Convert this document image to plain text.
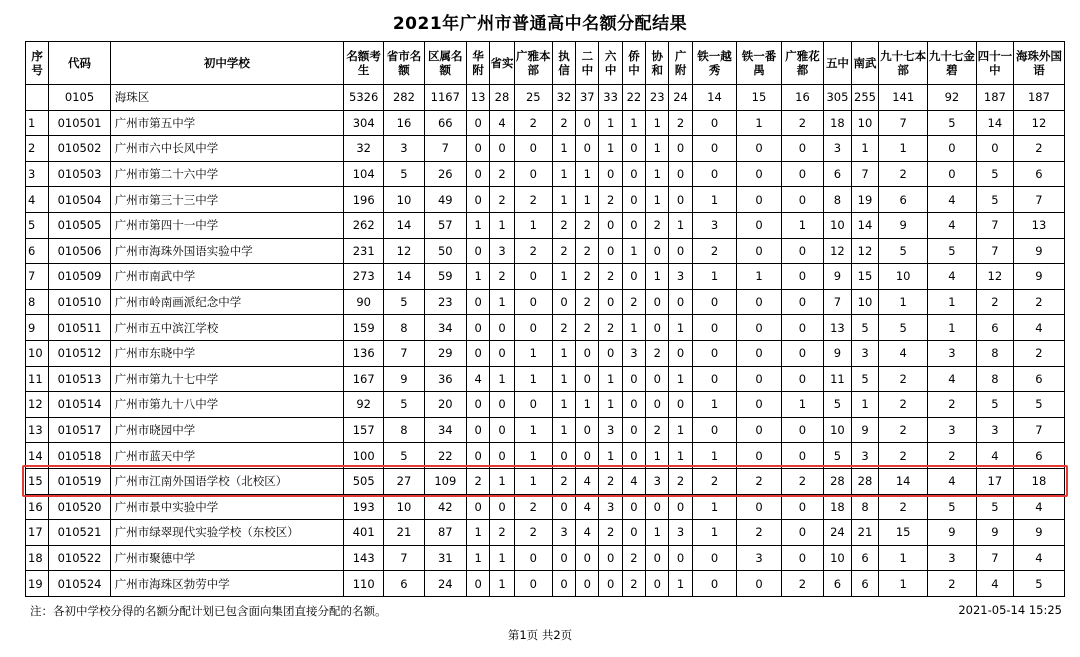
2021年广州市普通高中名额分配结果
序号	代码	初中学校	名额考生	省市名额	区属名额	华附	省实	广雅本部	执信	二中	六中	侨中	协和	广附	铁一越秀	铁一番禺	广雅花都	五中	南武	九十七本部	九十七金碧	四十一中	海珠外国语
	0105	海珠区	5326	282	1167	13	28	25	32	37	33	22	23	24	14	15	16	305	255	141	92	187	187
1	010501	广州市第五中学	304	16	66	0	4	2	2	0	1	1	1	2	0	1	2	18	10	7	5	14	12
2	010502	广州市六中长风中学	32	3	7	0	0	0	1	0	1	0	1	0	0	0	0	3	1	1	0	0	2
3	010503	广州市第二十六中学	104	5	26	0	2	0	1	1	0	0	1	0	0	0	0	6	7	2	0	5	6
4	010504	广州市第三十三中学	196	10	49	0	2	2	1	1	2	0	1	0	1	0	0	8	19	6	4	5	7
5	010505	广州市第四十一中学	262	14	57	1	1	1	2	2	0	0	2	1	3	0	1	10	14	9	4	7	13
6	010506	广州市海珠外国语实验中学	231	12	50	0	3	2	2	2	0	1	0	0	2	0	0	12	12	5	5	7	9
7	010509	广州市南武中学	273	14	59	1	2	0	1	2	2	0	1	3	1	1	0	9	15	10	4	12	9
8	010510	广州市岭南画派纪念中学	90	5	23	0	1	0	0	2	0	2	0	0	0	0	0	7	10	1	1	2	2
9	010511	广州市五中滨江学校	159	8	34	0	0	0	2	2	2	1	0	1	0	0	0	13	5	5	1	6	4
10	010512	广州市东晓中学	136	7	29	0	0	1	1	0	0	3	2	0	0	0	0	9	3	4	3	8	2
11	010513	广州市第九十七中学	167	9	36	4	1	1	1	0	1	0	0	1	0	0	0	11	5	2	4	8	6
12	010514	广州市第九十八中学	92	5	20	0	0	0	1	1	1	0	0	0	1	0	1	5	1	2	2	5	5
13	010517	广州市晓园中学	157	8	34	0	0	1	1	0	3	0	2	1	0	0	0	10	9	2	3	3	7
14	010518	广州市蓝天中学	100	5	22	0	0	1	0	0	1	0	1	1	1	0	0	5	3	2	2	4	6
15	010519	广州市江南外国语学校（北校区）	505	27	109	2	1	1	2	4	2	4	3	2	2	2	2	28	28	14	4	17	18
16	010520	广州市景中实验中学	193	10	42	0	0	2	0	4	3	0	0	0	1	0	0	18	8	2	5	5	4
17	010521	广州市绿翠现代实验学校（东校区）	401	21	87	1	2	2	3	4	2	0	1	3	1	2	0	24	21	15	9	9	9
18	010522	广州市聚德中学	143	7	31	1	1	0	0	0	0	2	0	0	0	3	0	10	6	1	3	7	4
19	010524	广州市海珠区勃劳中学	110	6	24	0	1	0	0	0	0	2	0	1	0	0	2	6	6	1	2	4	5
注：各初中学校分得的名额分配计划已包含面向集团直接分配的名额。	2021-05-14 15:25
第1页 共2页
